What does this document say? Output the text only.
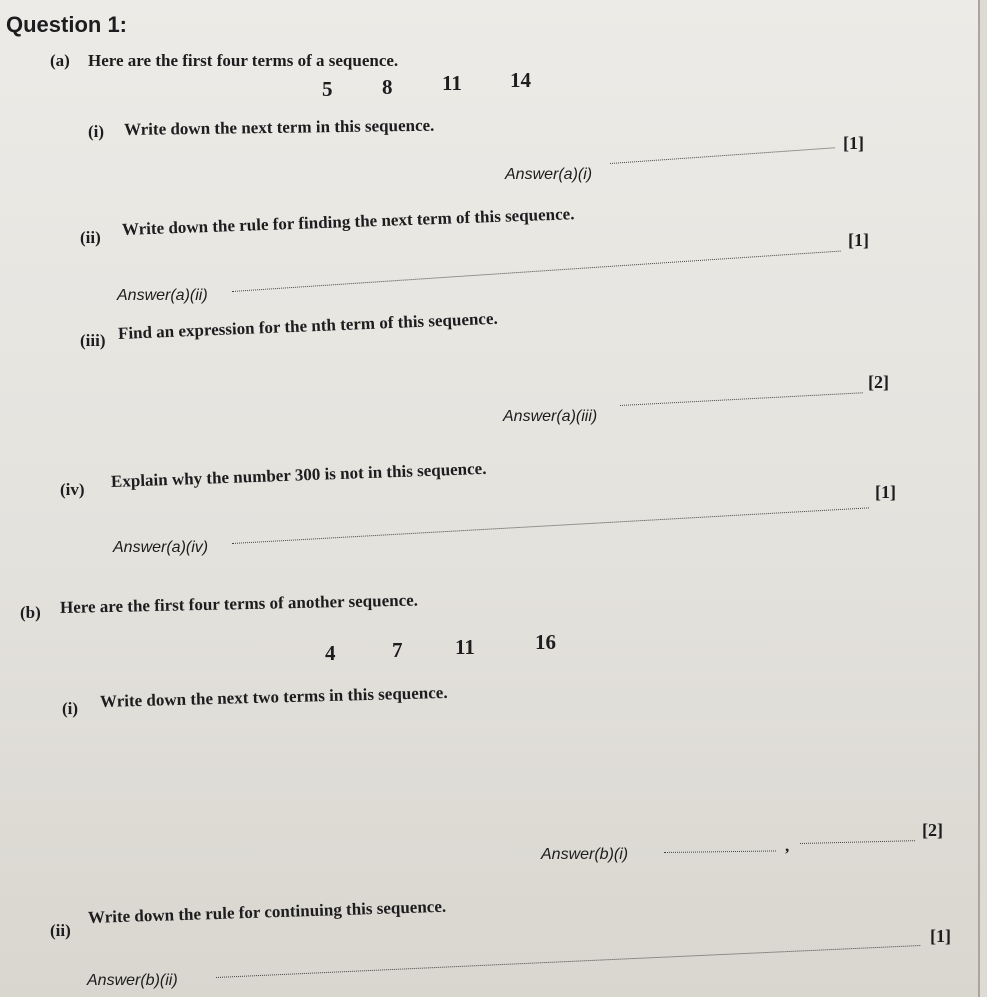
Question 1:
(a) Here are the first four terms of a sequence.
5 8 11 14
(i) Write down the next term in this sequence.
Answer(a)(i)
[1]
(ii) Write down the rule for finding the next term of this sequence.
Answer(a)(ii)
[1]
(iii) Find an expression for the nth term of this sequence.
Answer(a)(iii)
[2]
(iv) Explain why the number 300 is not in this sequence.
Answer(a)(iv)
[1]
(b) Here are the first four terms of another sequence.
4	7	11	16
(i) Write down the next two terms in this sequence.
Answer(b)(i)	,
[2]
(ii)
Write down the rule for continuing this sequence.
Answer(b)(ii)
[1]
